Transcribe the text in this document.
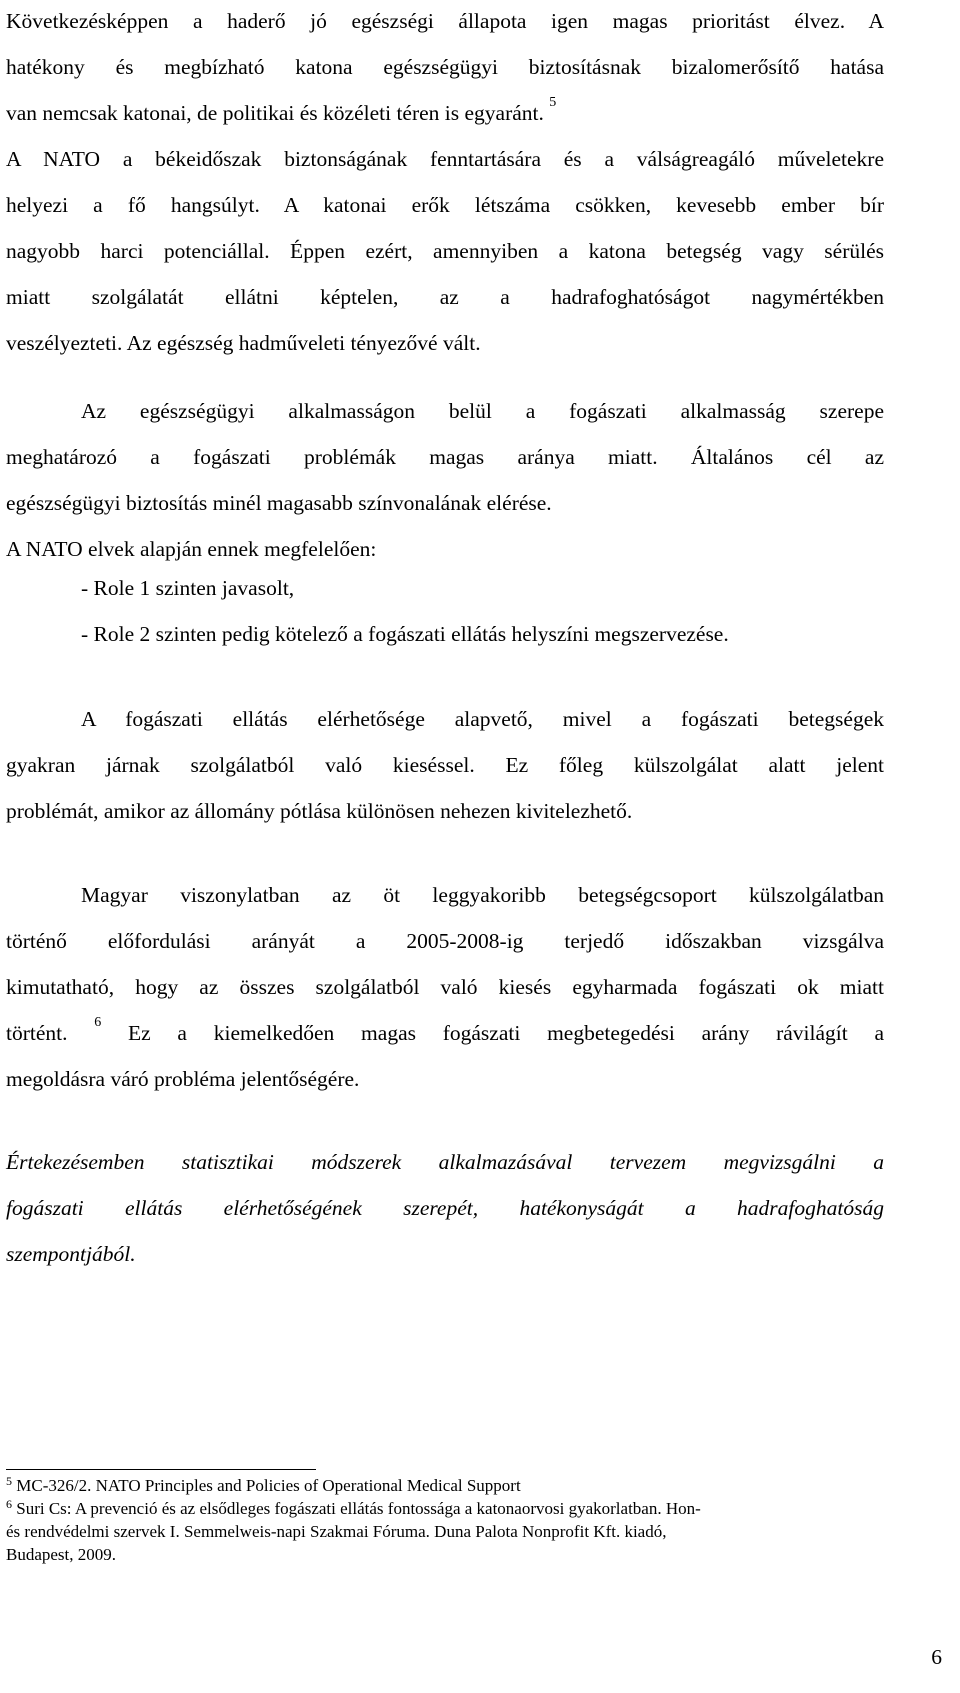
Következésképpen a haderő jó egészségi állapota igen magas prioritást élvez. A
hatékony és megbízható katona egészségügyi biztosításnak bizalomerősítő hatása
van nemcsak katonai, de politikai és közéleti téren is egyaránt. $^5$
A NATO a békeidőszak biztonságának fenntartására és a válságreagáló műveletekre
helyezi a fő hangsúlyt. A katonai erők létszáma csökken, kevesebb ember bír
nagyobb harci potenciállal. Éppen ezért, amennyiben a katona betegség vagy sérülés
miatt szolgálatát ellátni képtelen, az a hadrafoghatóságot nagymértékben
veszélyezteti. Az egészség hadműveleti tényezővé vált.
Az egészségügyi alkalmasságon belül a fogászati alkalmasság szerepe
meghatározó a fogászati problémák magas aránya miatt. Általános cél az
egészségügyi biztosítás minél magasabb színvonalának elérése.
A NATO elvek alapján ennek megfelelően:
- Role 1 szinten javasolt,
- Role 2 szinten pedig kötelező a fogászati ellátás helyszíni megszervezése.
A fogászati ellátás elérhetősége alapvető, mivel a fogászati betegségek
gyakran járnak szolgálatból való kieséssel. Ez főleg külszolgálat alatt jelent
problémát, amikor az állomány pótlása különösen nehezen kivitelezhető.
Magyar viszonylatban az öt leggyakoribb betegségcsoport külszolgálatban
történő előfordulási arányát a 2005-2008-ig terjedő időszakban vizsgálva
kimutatható, hogy az összes szolgálatból való kiesés egyharmada fogászati ok miatt
történt. $^6$ Ez a kiemelkedően magas fogászati megbetegedési arány rávilágít a
megoldásra váró probléma jelentőségére.
Értekezésemben statisztikai módszerek alkalmazásával tervezem megvizsgálni a
fogászati ellátás elérhetőségének szerepét, hatékonyságát a hadrafoghatóság
szempontjából.
$^5$ MC-326/2. NATO Principles and Policies of Operational Medical Support
$^6$ Suri Cs: A prevenció és az elsődleges fogászati ellátás fontossága a katonaorvosi gyakorlatban. Hon-
és rendvédelmi szervek I. Semmelweis-napi Szakmai Fóruma. Duna Palota Nonprofit Kft. kiadó,
Budapest, 2009.
6
